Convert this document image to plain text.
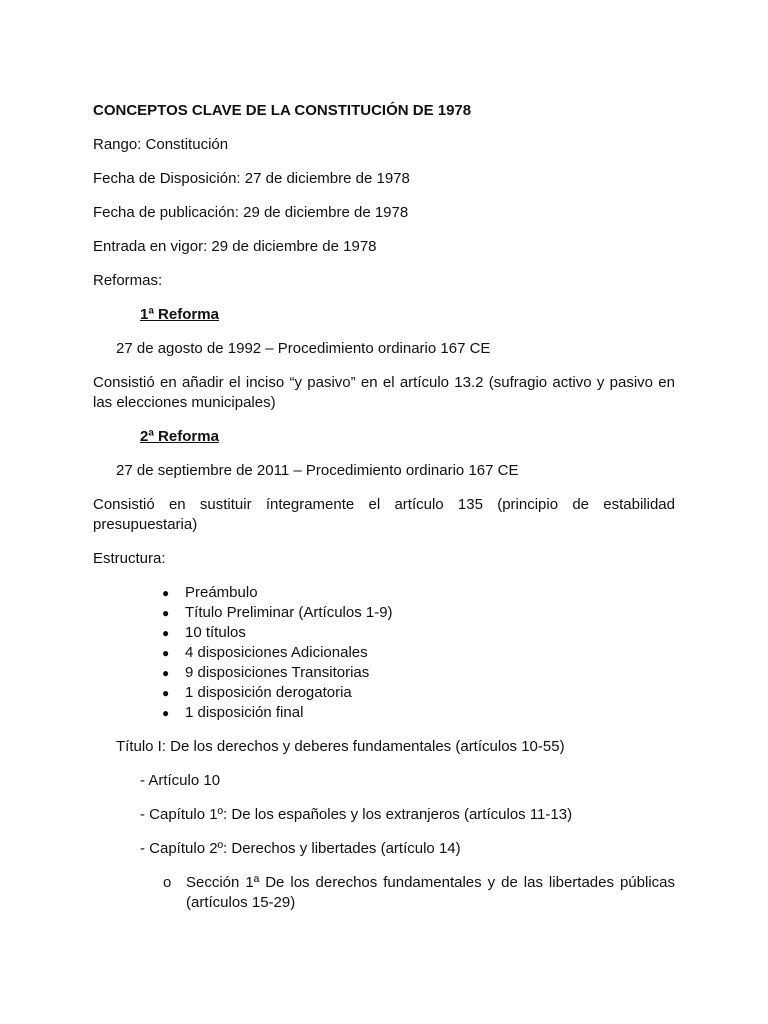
CONCEPTOS CLAVE DE LA CONSTITUCIÓN DE 1978

Rango: Constitución

Fecha de Disposición: 27 de diciembre de 1978

Fecha de publicación: 29 de diciembre de 1978

Entrada en vigor: 29 de diciembre de 1978

Reformas:

1ª Reforma

27 de agosto de 1992 – Procedimiento ordinario 167 CE

Consistió en añadir el inciso “y pasivo” en el artículo 13.2 (sufragio activo y pasivo en las elecciones municipales)

2ª Reforma

27 de septiembre de 2011 – Procedimiento ordinario 167 CE

Consistió en sustituir íntegramente el artículo 135 (principio de estabilidad presupuestaria)

Estructura:

●	Preámbulo
●	Título Preliminar (Artículos 1-9)
●	10 títulos
●	4 disposiciones Adicionales
●	9 disposiciones Transitorias
●	1 disposición derogatoria
●	1 disposición final

Título I: De los derechos y deberes fundamentales (artículos 10-55)

- Artículo 10

- Capítulo 1º: De los españoles y los extranjeros (artículos 11-13)

- Capítulo 2º: Derechos y libertades (artículo 14)

o Sección 1ª De los derechos fundamentales y de las libertades públicas (artículos 15-29)
